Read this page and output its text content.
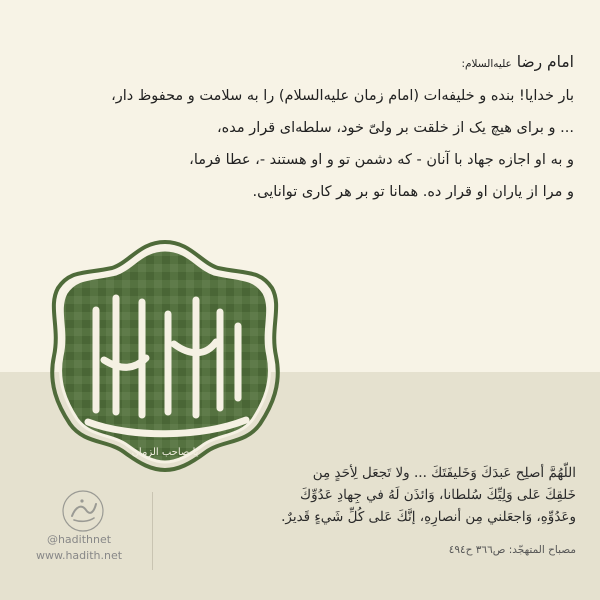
امام رضا علیه‌السلام:

بار خدایا! بنده و خلیفه‌ات (امام زمان علیه‌السلام) را به سلامت و محفوظ دار،

... و برای هیچ یک از خلقت بر ولیّ خود، سلطه‌ای قرار مده،

و به او اجازه جهاد با آنان - که دشمن تو و او هستند -، عطا فرما،

و مرا از یاران او قرار ده. همانا تو بر هر کاری توانایی.

یا صاحب الزمان

اللّهُمَّ أصلِح عَبدَكَ وَخَليفَتَكَ ... ولا تَجعَل لِأحَدٍ مِن

خَلقِكَ عَلى وَلِيِّكَ سُلطانا، وَائذَن لَهُ في جِهادِ عَدُوِّكَ

وعَدُوِّهِ، وَاجعَلني مِن أنصارِهِ، إنَّكَ عَلى كُلِّ شَيءٍ قَديرٌ.

مصباح المتهجّد: ص۳٦٦ ح٤٩٤
@hadithnet
www.hadith.net
